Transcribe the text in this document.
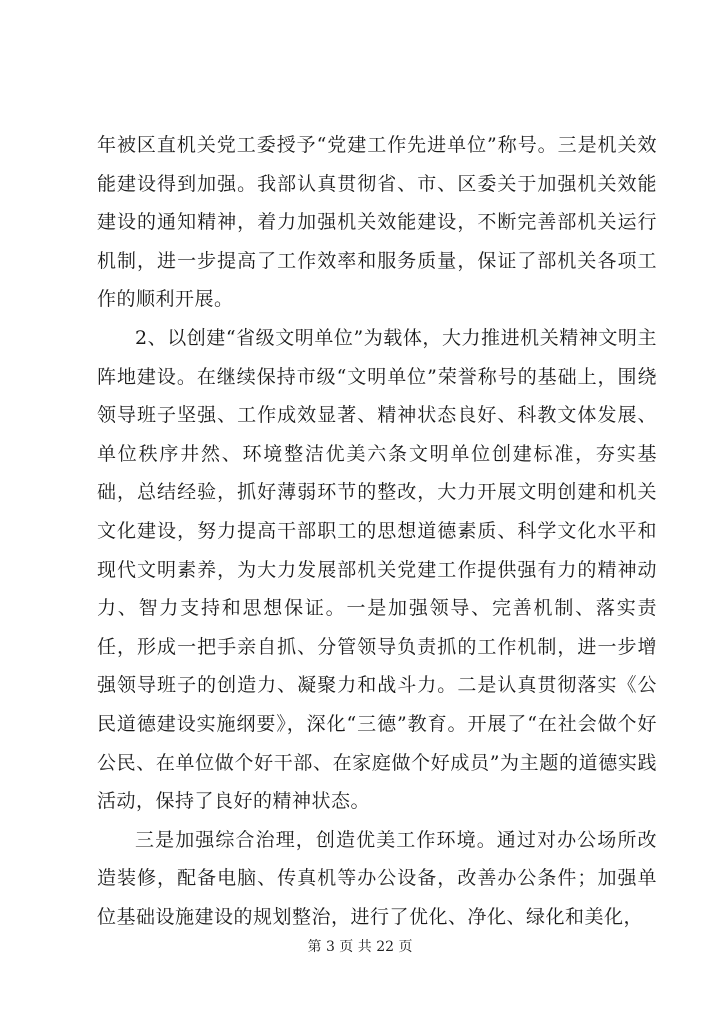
年被区直机关党工委授予“党建工作先进单位”称号。三是机关效能建设得到加强。我部认真贯彻省、市、区委关于加强机关效能建设的通知精神，着力加强机关效能建设，不断完善部机关运行机制，进一步提高了工作效率和服务质量，保证了部机关各项工作的顺利开展。

2、以创建“省级文明单位”为载体，大力推进机关精神文明主阵地建设。在继续保持市级“文明单位”荣誉称号的基础上，围绕领导班子坚强、工作成效显著、精神状态良好、科教文体发展、单位秩序井然、环境整洁优美六条文明单位创建标准，夯实基础，总结经验，抓好薄弱环节的整改，大力开展文明创建和机关文化建设，努力提高干部职工的思想道德素质、科学文化水平和现代文明素养，为大力发展部机关党建工作提供强有力的精神动力、智力支持和思想保证。一是加强领导、完善机制、落实责任，形成一把手亲自抓、分管领导负责抓的工作机制，进一步增强领导班子的创造力、凝聚力和战斗力。二是认真贯彻落实《公民道德建设实施纲要》，深化“三德”教育。开展了“在社会做个好公民、在单位做个好干部、在家庭做个好成员”为主题的道德实践活动，保持了良好的精神状态。

三是加强综合治理，创造优美工作环境。通过对办公场所改造装修，配备电脑、传真机等办公设备，改善办公条件；加强单位基础设施建设的规划整治，进行了优化、净化、绿化和美化，

第 3 页 共 22 页
